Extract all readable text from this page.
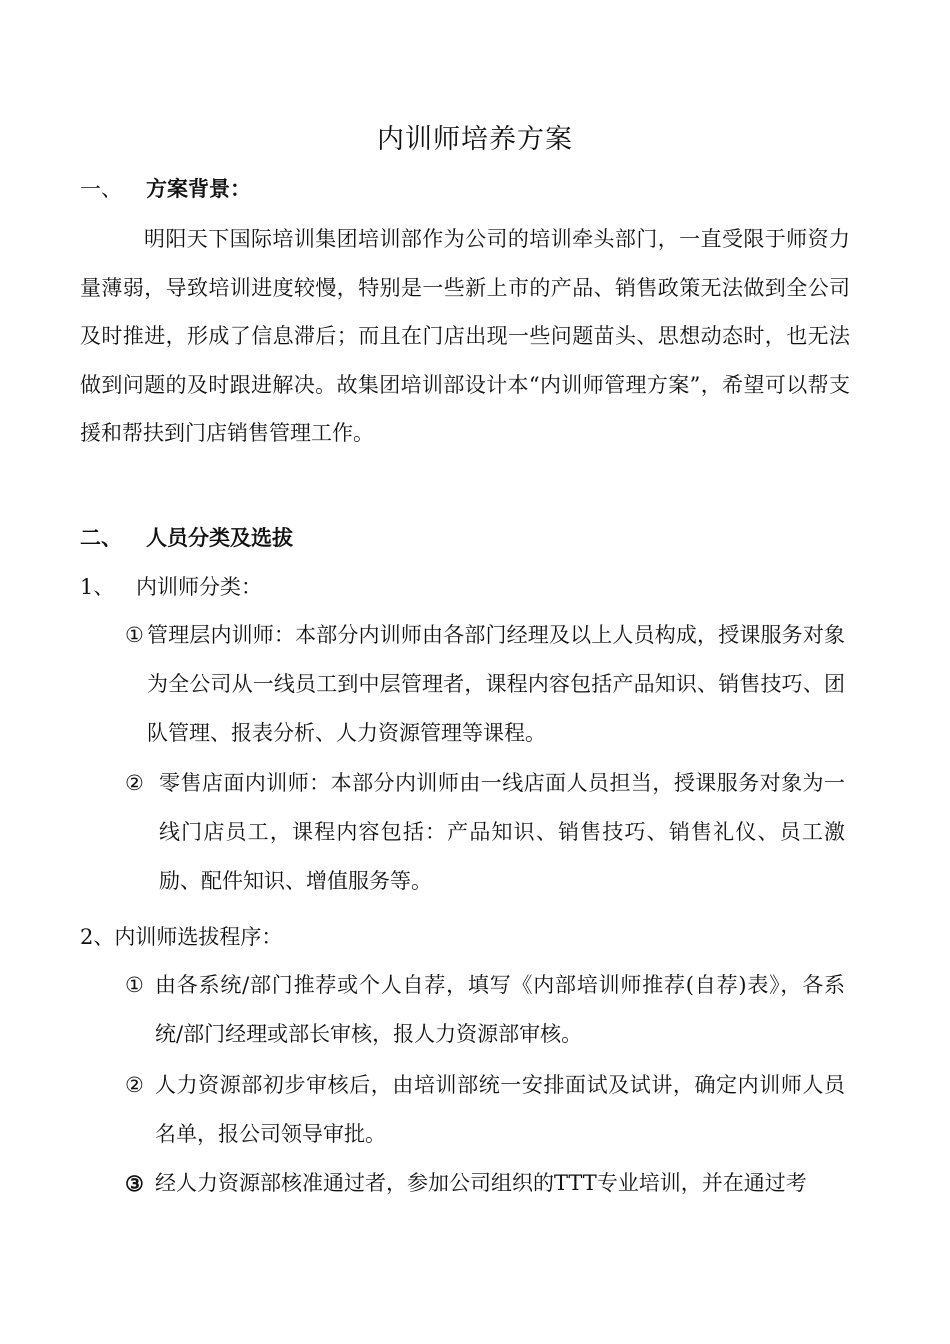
内训师培养方案
一、 方案背景：
明阳天下国际培训集团培训部作为公司的培训牵头部门，一直受限于师资力量薄弱，导致培训进度较慢，特别是一些新上市的产品、销售政策无法做到全公司及时推进，形成了信息滞后；而且在门店出现一些问题苗头、思想动态时，也无法做到问题的及时跟进解决。故集团培训部设计本“内训师管理方案”，希望可以帮支援和帮扶到门店销售管理工作。
二、 人员分类及选拔
1、 内训师分类：
① 管理层内训师：本部分内训师由各部门经理及以上人员构成，授课服务对象为全公司从一线员工到中层管理者，课程内容包括产品知识、销售技巧、团队管理、报表分析、人力资源管理等课程。
② 零售店面内训师：本部分内训师由一线店面人员担当，授课服务对象为一线门店员工，课程内容包括：产品知识、销售技巧、销售礼仪、员工激励、配件知识、增值服务等。
2、内训师选拔程序：
① 由各系统/部门推荐或个人自荐，填写《内部培训师推荐(自荐)表》，各系统/部门经理或部长审核，报人力资源部审核。
② 人力资源部初步审核后，由培训部统一安排面试及试讲，确定内训师人员名单，报公司领导审批。
③ 经人力资源部核准通过者，参加公司组织的TTT专业培训，并在通过考
